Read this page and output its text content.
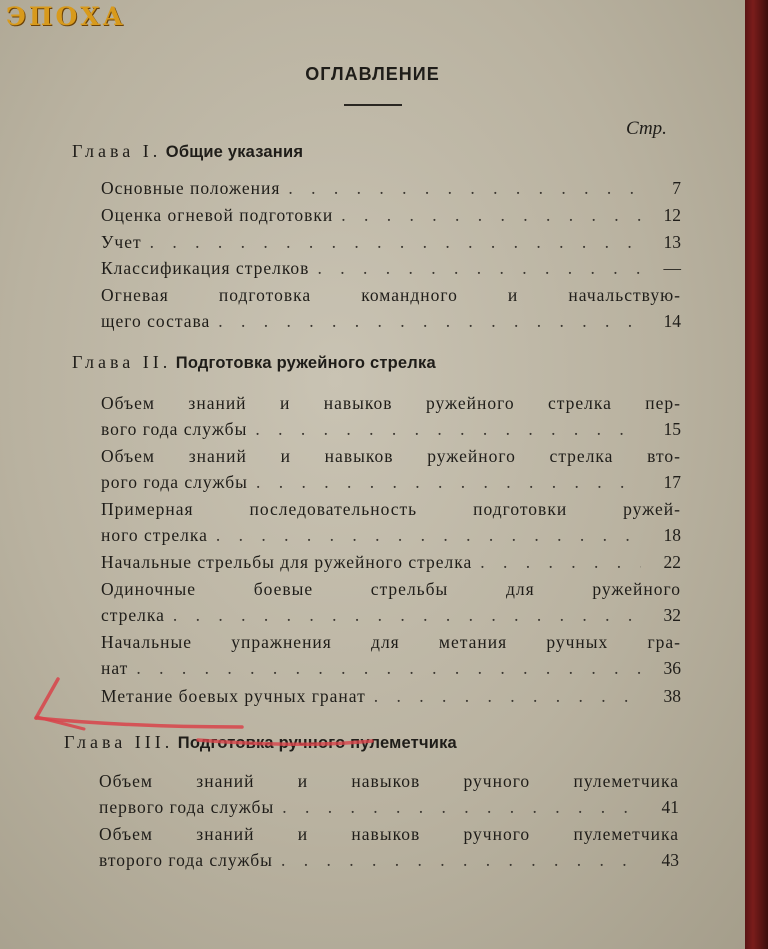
ЭПОХА
ОГЛАВЛЕНИЕ
Стр.
Глава I. Общие указания
Основные положения . . .	7
Оценка огневой подготовки . . .	12
Учет . . .	13
Классификация стрелков . . .	—
Огневая подготовка командного и начальствую-
щего состава . . .	14
Глава II. Подготовка ружейного стрелка
Объем знаний и навыков ружейного стрелка пер-
вого года службы . . .	15
Объем знаний и навыков ружейного стрелка вто-
рого года службы . . .	17
Примерная последовательность подготовки ружей-
ного стрелка . . .	18
Начальные стрельбы для ружейного стрелка . . .	22
Одиночные боевые стрельбы для ружейного
стрелка . . .	32
Начальные упражнения для метания ручных гра-
нат . . .	36
Метание боевых ручных гранат . . .	38
Глава III. Подготовка ручного пулеметчика
Объем знаний и навыков ручного пулеметчика
первого года службы . . .	41
Объем знаний и навыков ручного пулеметчика
второго года службы . . .	43
